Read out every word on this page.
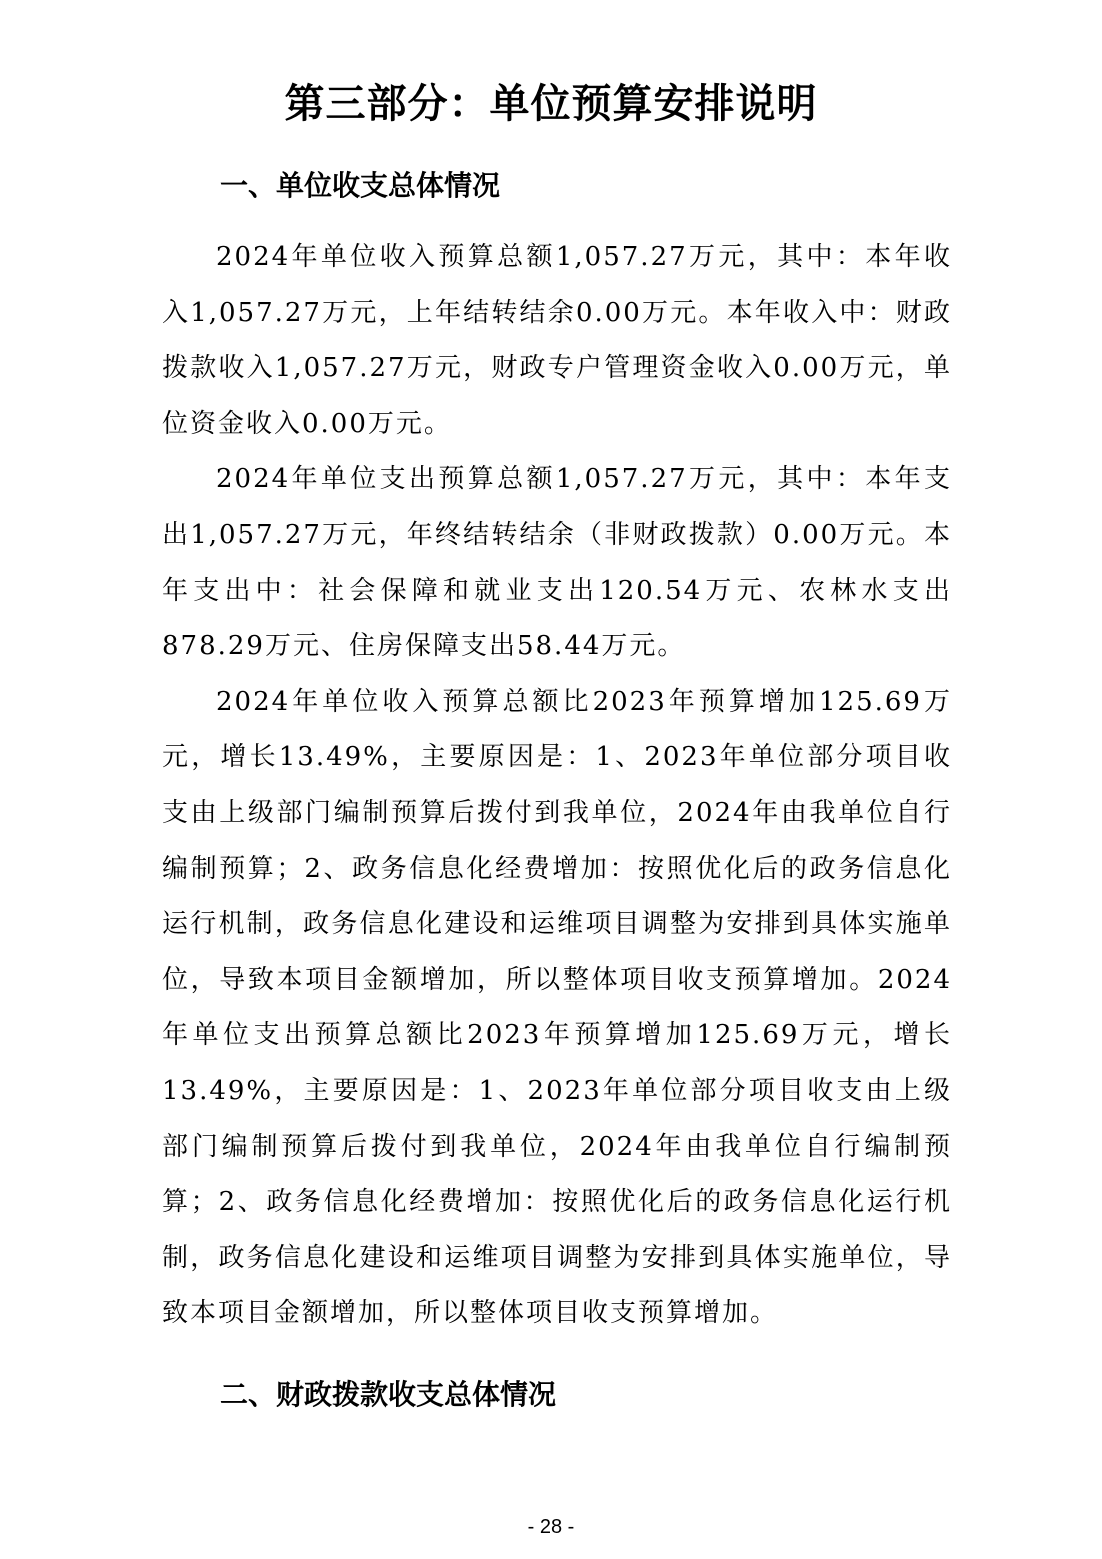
第三部分：单位预算安排说明
一、单位收支总体情况

2024年单位收入预算总额1,057.27万元，其中：本年收入1,057.27万元，上年结转结余0.00万元。本年收入中：财政拨款收入1,057.27万元，财政专户管理资金收入0.00万元，单位资金收入0.00万元。

2024年单位支出预算总额1,057.27万元，其中：本年支出1,057.27万元，年终结转结余（非财政拨款）0.00万元。本年支出中：社会保障和就业支出120.54万元、农林水支出878.29万元、住房保障支出58.44万元。

2024年单位收入预算总额比2023年预算增加125.69万元，增长13.49%，主要原因是：1、2023年单位部分项目收支由上级部门编制预算后拨付到我单位，2024年由我单位自行编制预算；2、政务信息化经费增加：按照优化后的政务信息化运行机制，政务信息化建设和运维项目调整为安排到具体实施单位，导致本项目金额增加，所以整体项目收支预算增加。2024年单位支出预算总额比2023年预算增加125.69万元，增长13.49%，主要原因是：1、2023年单位部分项目收支由上级部门编制预算后拨付到我单位，2024年由我单位自行编制预算；2、政务信息化经费增加：按照优化后的政务信息化运行机制，政务信息化建设和运维项目调整为安排到具体实施单位，导致本项目金额增加，所以整体项目收支预算增加。

二、财政拨款收支总体情况
- 28 -
